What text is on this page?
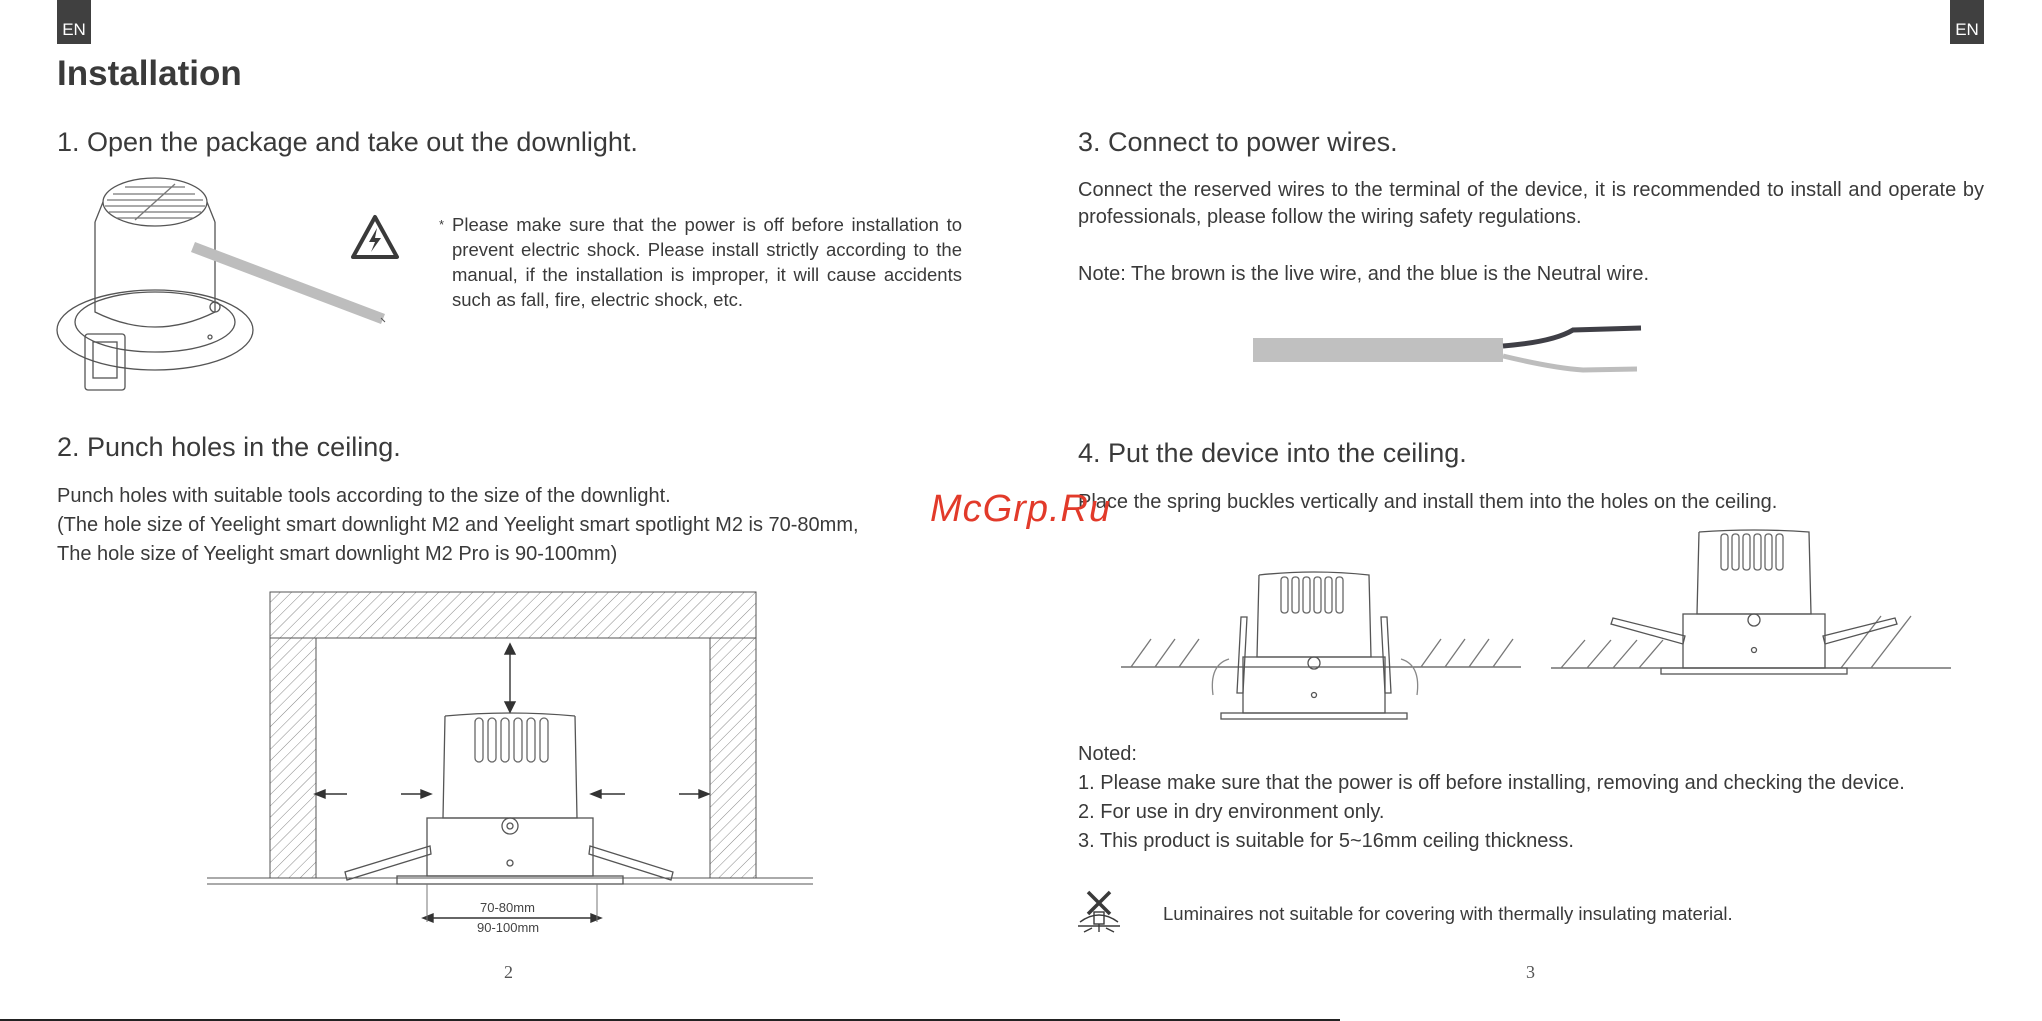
EN
Installation
1. Open the package and take out the downlight.
* Please make sure that the power is off before installation to prevent electric shock. Please install strictly according to the manual, if the installation is improper, it will cause accidents such as fall, fire, electric shock, etc.
2. Punch holes in the ceiling.
Punch holes with suitable tools according to the size of the downlight.
(The hole size of Yeelight smart downlight M2 and Yeelight smart spotlight M2 is 70-80mm,
The hole size of Yeelight smart downlight M2 Pro is 90-100mm)
70-80mm
90-100mm
2
EN
3. Connect to power wires.
Connect the reserved wires to the terminal of the device, it is recommended to install and operate by professionals, please follow the wiring safety regulations.
Note: The brown is the live wire, and the blue is the Neutral wire.
4. Put the device into the ceiling.
Place the spring buckles vertically and install them into the holes on the ceiling.
Noted:
1. Please make sure that the power is off before installing, removing and checking the device.
2. For use in dry environment only.
3. This product is suitable for 5~16mm ceiling thickness.
Luminaires not suitable for covering with thermally insulating material.
3
McGrp.Ru
